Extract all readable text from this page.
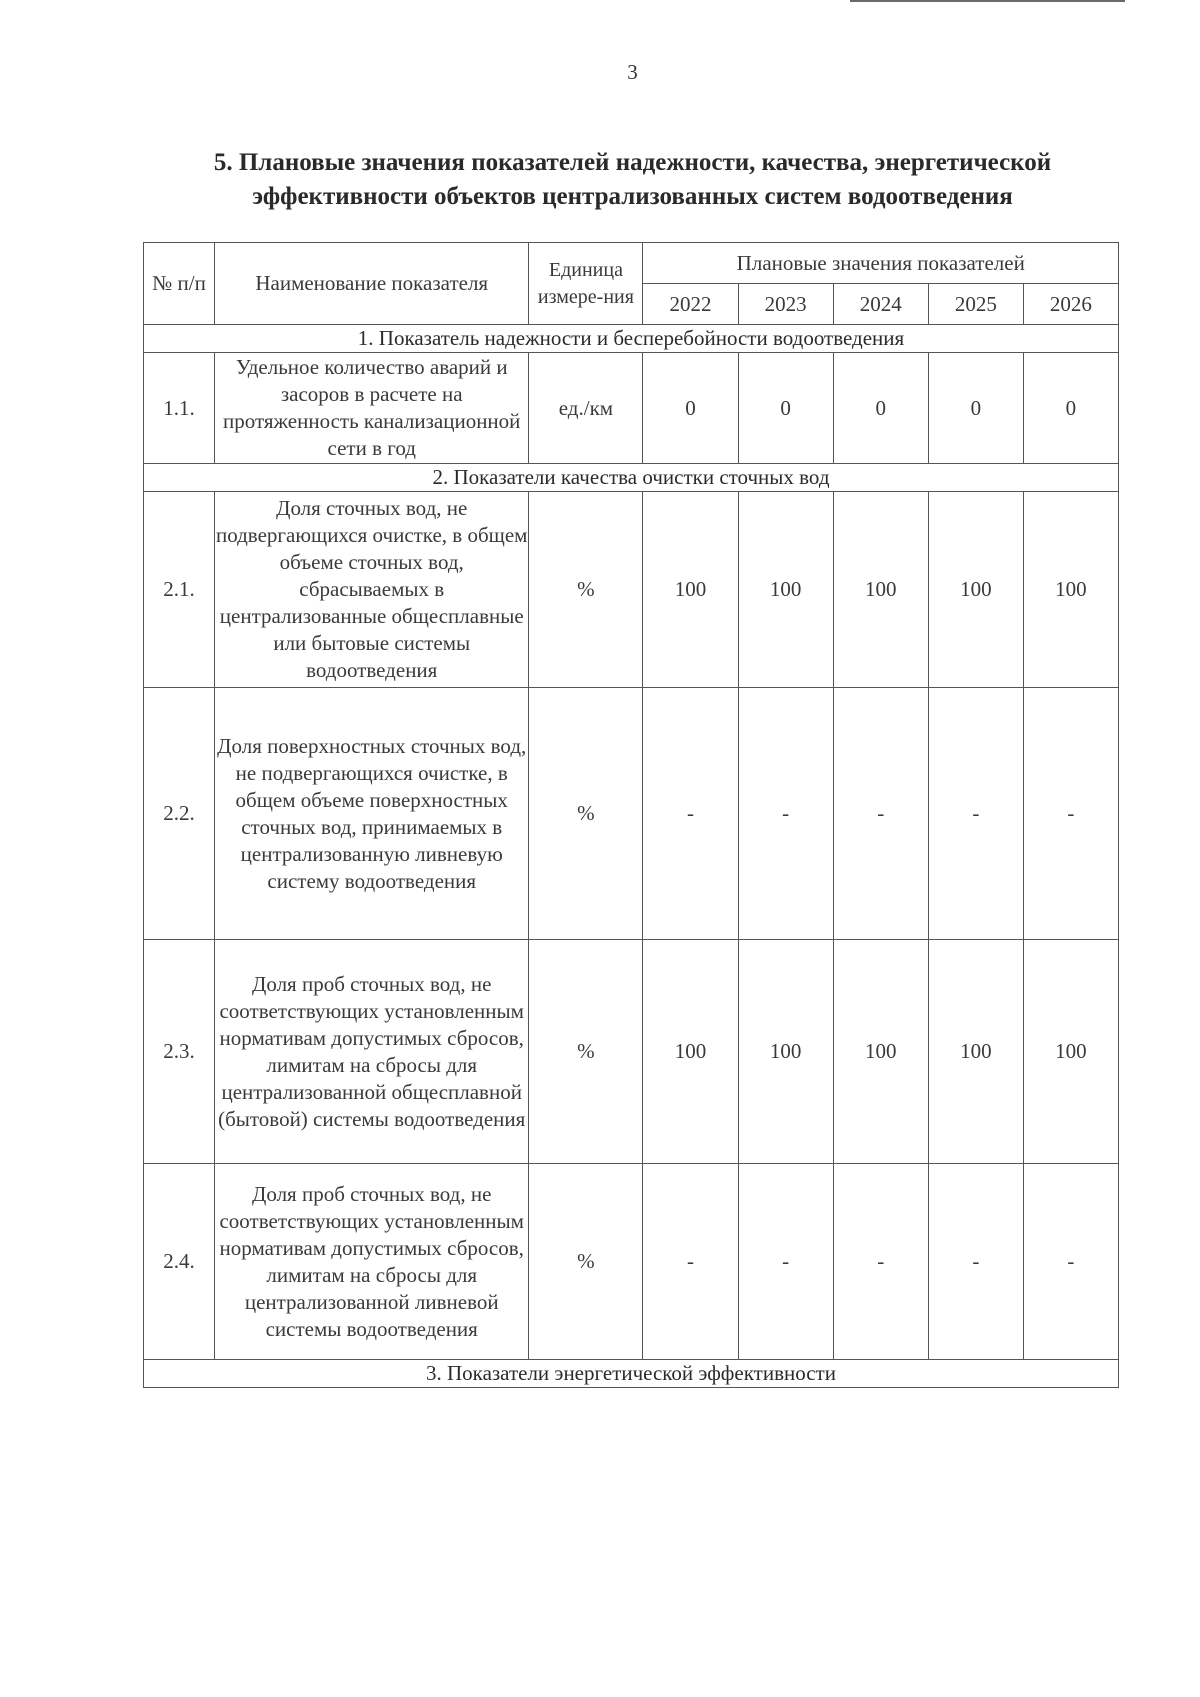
3
5. Плановые значения показателей надежности, качества, энергетической
эффективности объектов централизованных систем водоотведения
№ п/п	Наименование показателя	Единица измере-ния	Плановые значения показателей				
			2022	2023	2024	2025	2026
1. Показатель надежности и бесперебойности водоотведения							
1.1.	Удельное количество аварий и засоров в расчете на протяженность канализационной сети в год	ед./км	0	0	0	0	0
2. Показатели качества очистки сточных вод							
2.1.	Доля сточных вод, не подвергающихся очистке, в общем объеме сточных вод, сбрасываемых в централизованные общесплавные или бытовые системы водоотведения	%	100	100	100	100	100
2.2.	Доля поверхностных сточных вод, не подвергающихся очистке, в общем объеме поверхностных сточных вод, принимаемых в централизованную ливневую систему водоотведения	%	-	-	-	-	-
2.3.	Доля проб сточных вод, не соответствующих установленным нормативам допустимых сбросов, лимитам на сбросы для централизованной общесплавной (бытовой) системы водоотведения	%	100	100	100	100	100
2.4.	Доля проб сточных вод, не соответствующих установленным нормативам допустимых сбросов, лимитам на сбросы для централизованной ливневой системы водоотведения	%	-	-	-	-	-
3. Показатели энергетической эффективности							
